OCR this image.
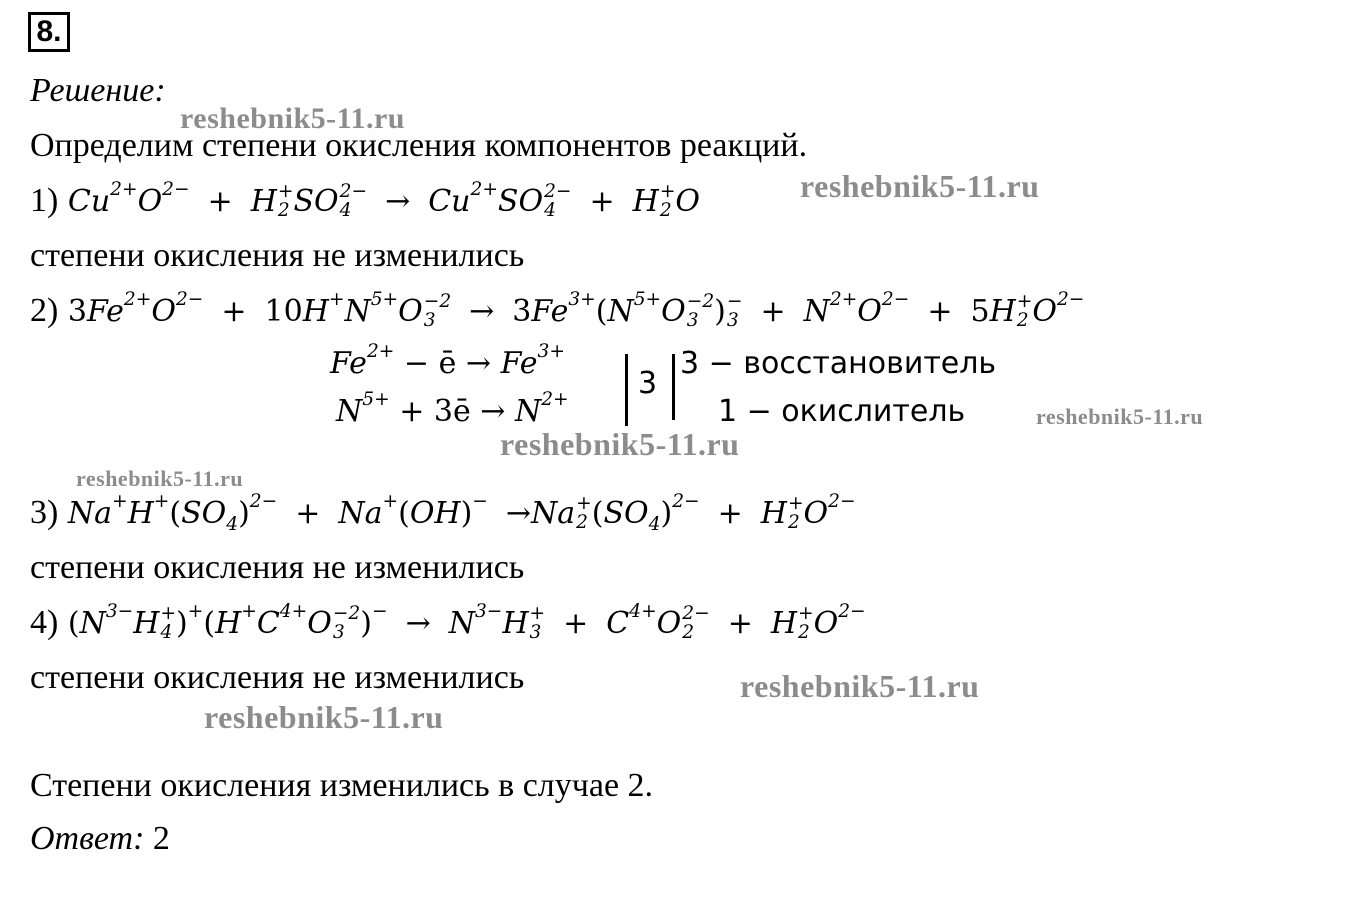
8.
Решение:
Определим степени окисления компонентов реакций.
1) $Cu^{2+}O^{2-} + H$ +
2 SO 2−
4	→ $Cu^{2+}SO$ 2−
4	+ H +
2 O
степени окисления не изменились
2) $3Fe^{2+}O^{2-} + 10H^+N^{5+}O -2$
3	→ $3Fe^{3+}(N^{5+}O -2$
3 ) −
$3 + N^{2+}O^{2-} + 5H$ +
2 $O^{2-}$
$Fe^{2+}$ − ē → $Fe^{3+}$
$N^{5+}$ + 3ē → $N^{2+}$ 3
3 − восстановитель
1 − окислитель
3) $Na^+H^+(SO_4)^{2-} + Na^+(OH)^- \to Na$ +
2 $(SO_4)^{2-} + H$ +
2 $O^{2-}$
степени окисления не изменились
4) ($N^{3-}H$ +
4 )$^+(H^+C^{4+}O -2$
3 )$^- \to N^{3-}H$ +
$3 + C^{4+}O$ 2−
2	+ H +
2 $O^{2-}$
степени окисления не изменились
Степени окисления изменились в случае 2.
Ответ: 2
reshebnik5-11.ru
reshebnik5-11.ru
reshebnik5-11.ru
reshebnik5-11.ru
reshebnik5-11.ru
reshebnik5-11.ru
reshebnik5-11.ru
